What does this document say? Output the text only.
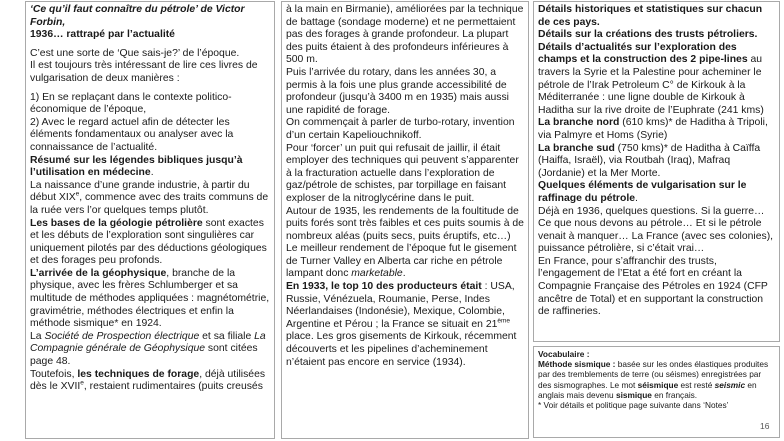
‘Ce qu’il faut connaître du pétrole’ de Victor Forbin,
1936… rattrapé par l’actualité

C’est une sorte de ‘Que sais-je?’ de l’époque.

Il est toujours très intéressant de lire ces livres de vulgarisation de deux manières :

1) En se replaçant dans le contexte politico-économique de l’époque,

2) Avec le regard actuel afin de détecter les éléments fondamentaux ou analyser avec la connaissance de l’actualité.

Résumé sur les légendes bibliques jusqu’à l’utilisation en médecine.

La naissance d’une grande industrie, à partir du début XIXe, commence avec des traits communs de la ruée vers l’or quelques temps plutôt.

Les bases de la géologie pétrolière sont exactes et les débuts de l’exploration sont singulières car uniquement pilotés par des déductions géologiques et des forages peu profonds.

L’arrivée de la géophysique, branche de la physique, avec les frères Schlumberger et sa multitude de méthodes appliquées : magnétométrie, gravimétrie, méthodes électriques et enfin la méthode sismique* en 1924.

La Société de Prospection électrique et sa filiale La Compagnie générale de Géophysique sont citées page 48.

Toutefois, les techniques de forage, déjà utilisées dès le XVIIe, restaient rudimentaires (puits creusés

à la main en Birmanie), améliorées par la technique de battage (sondage moderne) et ne permettaient pas des forages à grande profondeur. La plupart des puits étaient à des profondeurs inférieures à 500 m.

Puis l’arrivée du rotary, dans les années 30, a permis à la fois une plus grande accessibilité de profondeur (jusqu’à 3400 m en 1935) mais aussi une rapidité de forage.

On commençait à parler de turbo-rotary, invention d’un certain Kapeliouchnikoff.

Pour ‘forcer’ un puit qui refusait de jaillir, il était employer des techniques qui peuvent s’apparenter à la fracturation actuelle dans l’exploration de gaz/pétrole de schistes, par torpillage en faisant exploser de la nitroglycérine dans le puit.

Autour de 1935, les rendements de la foultitude de puits forés sont très faibles et ces puits soumis à de nombreux aléas (puits secs, puits éruptifs, etc…)

Le meilleur rendement de l’époque fut le gisement de Turner Valley en Alberta car riche en pétrole lampant donc marketable.

En 1933, le top 10 des producteurs était : USA, Russie, Vénézuela, Roumanie, Perse, Indes Néerlandaises (Indonésie), Mexique, Colombie, Argentine et Pérou ; la France se situait en 21ème place. Les gros gisements de Kirkouk, récemment découverts et les pipelines d’acheminement n’étaient pas encore en service (1934).

Détails historiques et statistiques sur chacun de ces pays.

Détails sur la créations des trusts pétroliers.

Détails d’actualités sur l’exploration des champs et la construction des 2 pipe-lines au travers la Syrie et la Palestine pour acheminer le pétrole de l’Irak Petroleum C° de Kirkouk à la Méditerranée : une ligne double de Kirkouk à Haditha sur la rive droite de l’Euphrate (241 kms)

La branche nord (610 kms)* de Haditha à Tripoli, via Palmyre et Homs (Syrie)

La branche sud (750 kms)* de Haditha à Caïffa (Haiffa, Israël), via Routbah (Iraq), Mafraq (Jordanie) et la Mer Morte.

Quelques éléments de vulgarisation sur le raffinage du pétrole.

Déjà en 1936, quelques questions. Si la guerre… Ce que nous devons au pétrole… Et si le pétrole venait à manquer… La France (avec ses colonies), puissance pétrolière, si c’était vrai…

En France, pour s’affranchir des trusts, l’engagement de l’Etat a été fort en créant la Compagnie Française des Pétroles en 1924 (CFP ancêtre de Total) et en supportant la construction de raffineries.

Vocabulaire :

Méthode sismique : basée sur les ondes élastiques produites par des tremblements de terre (ou séismes) enregistrées par des sismographes. Le mot séismique est resté seismic en anglais mais devenu sismique en français.

* Voir détails et politique page suivante dans ‘Notes’

16
